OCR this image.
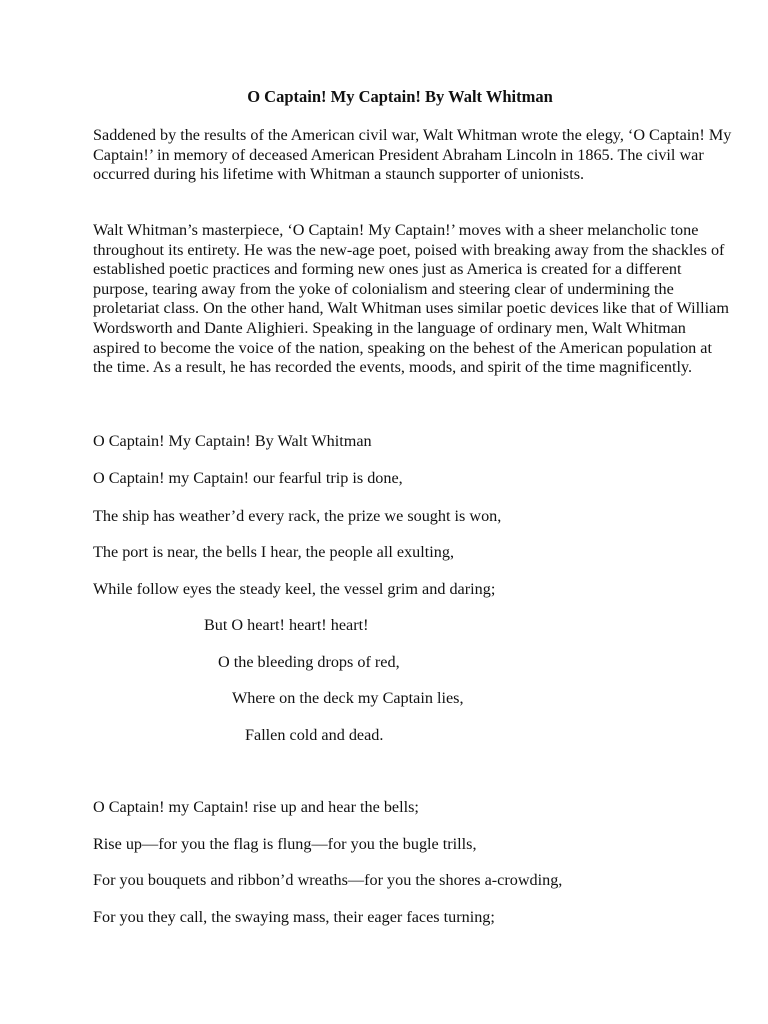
O Captain! My Captain! By Walt Whitman

Saddened by the results of the American civil war, Walt Whitman wrote the elegy, ‘O Captain! My Captain!’ in memory of deceased American President Abraham Lincoln in 1865. The civil war occurred during his lifetime with Whitman a staunch supporter of unionists.

Walt Whitman’s masterpiece, ‘O Captain! My Captain!’ moves with a sheer melancholic tone throughout its entirety. He was the new-age poet, poised with breaking away from the shackles of established poetic practices and forming new ones just as America is created for a different purpose, tearing away from the yoke of colonialism and steering clear of undermining the proletariat class. On the other hand, Walt Whitman uses similar poetic devices like that of William Wordsworth and Dante Alighieri. Speaking in the language of ordinary men, Walt Whitman aspired to become the voice of the nation, speaking on the behest of the American population at the time. As a result, he has recorded the events, moods, and spirit of the time magnificently.

O Captain! My Captain! By Walt Whitman

O Captain! my Captain! our fearful trip is done,

The ship has weather’d every rack, the prize we sought is won,

The port is near, the bells I hear, the people all exulting,

While follow eyes the steady keel, the vessel grim and daring;

But O heart! heart! heart!

O the bleeding drops of red,

Where on the deck my Captain lies,

Fallen cold and dead.

O Captain! my Captain! rise up and hear the bells;

Rise up—for you the flag is flung—for you the bugle trills,

For you bouquets and ribbon’d wreaths—for you the shores a-crowding,

For you they call, the swaying mass, their eager faces turning;
